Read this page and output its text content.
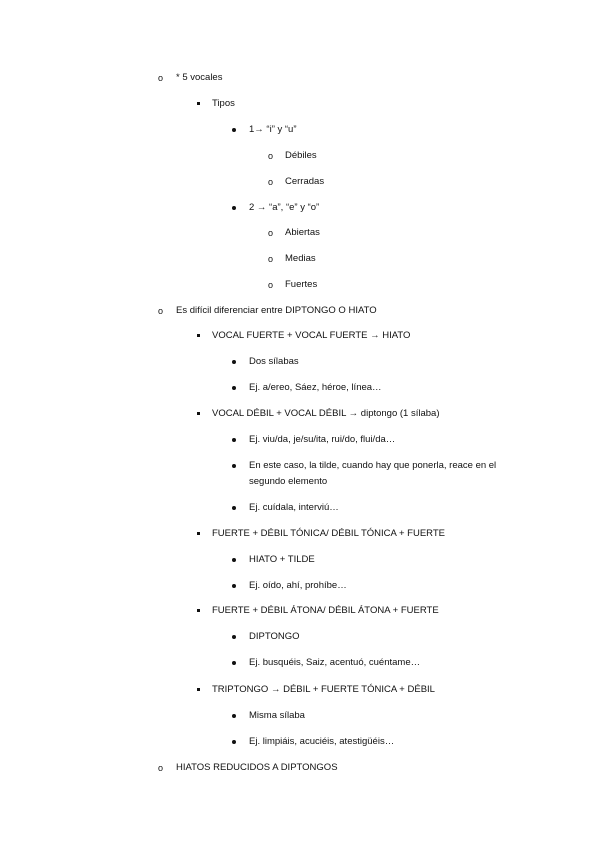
o * 5 vocales
Tipos
1→ “i” y “u”
o Débiles
o Cerradas
2 → “a”, “e” y “o”
o Abiertas
o Medias
o Fuertes
o Es difícil diferenciar entre DIPTONGO O HIATO
VOCAL FUERTE + VOCAL FUERTE → HIATO
Dos sílabas
Ej. a/ereo, Sáez, héroe, línea…
VOCAL DÉBIL + VOCAL DÉBIL → diptongo (1 sílaba)
Ej. viu/da, je/su/ita, rui/do, flui/da…
En este caso, la tilde, cuando hay que ponerla, reace en el
segundo elemento
Ej. cuídala, interviú…
FUERTE + DÉBIL TÓNICA/ DÉBIL TÓNICA + FUERTE
HIATO + TILDE
Ej. oído, ahí, prohíbe…
FUERTE + DÉBIL ÁTONA/ DÉBIL ÁTONA + FUERTE
DIPTONGO
Ej. busquéis, Saiz, acentuó, cuéntame…
TRIPTONGO → DÉBIL + FUERTE TÓNICA + DÉBIL
Misma sílaba
Ej. limpiáis, acuciéis, atestigüéis…
o HIATOS REDUCIDOS A DIPTONGOS
